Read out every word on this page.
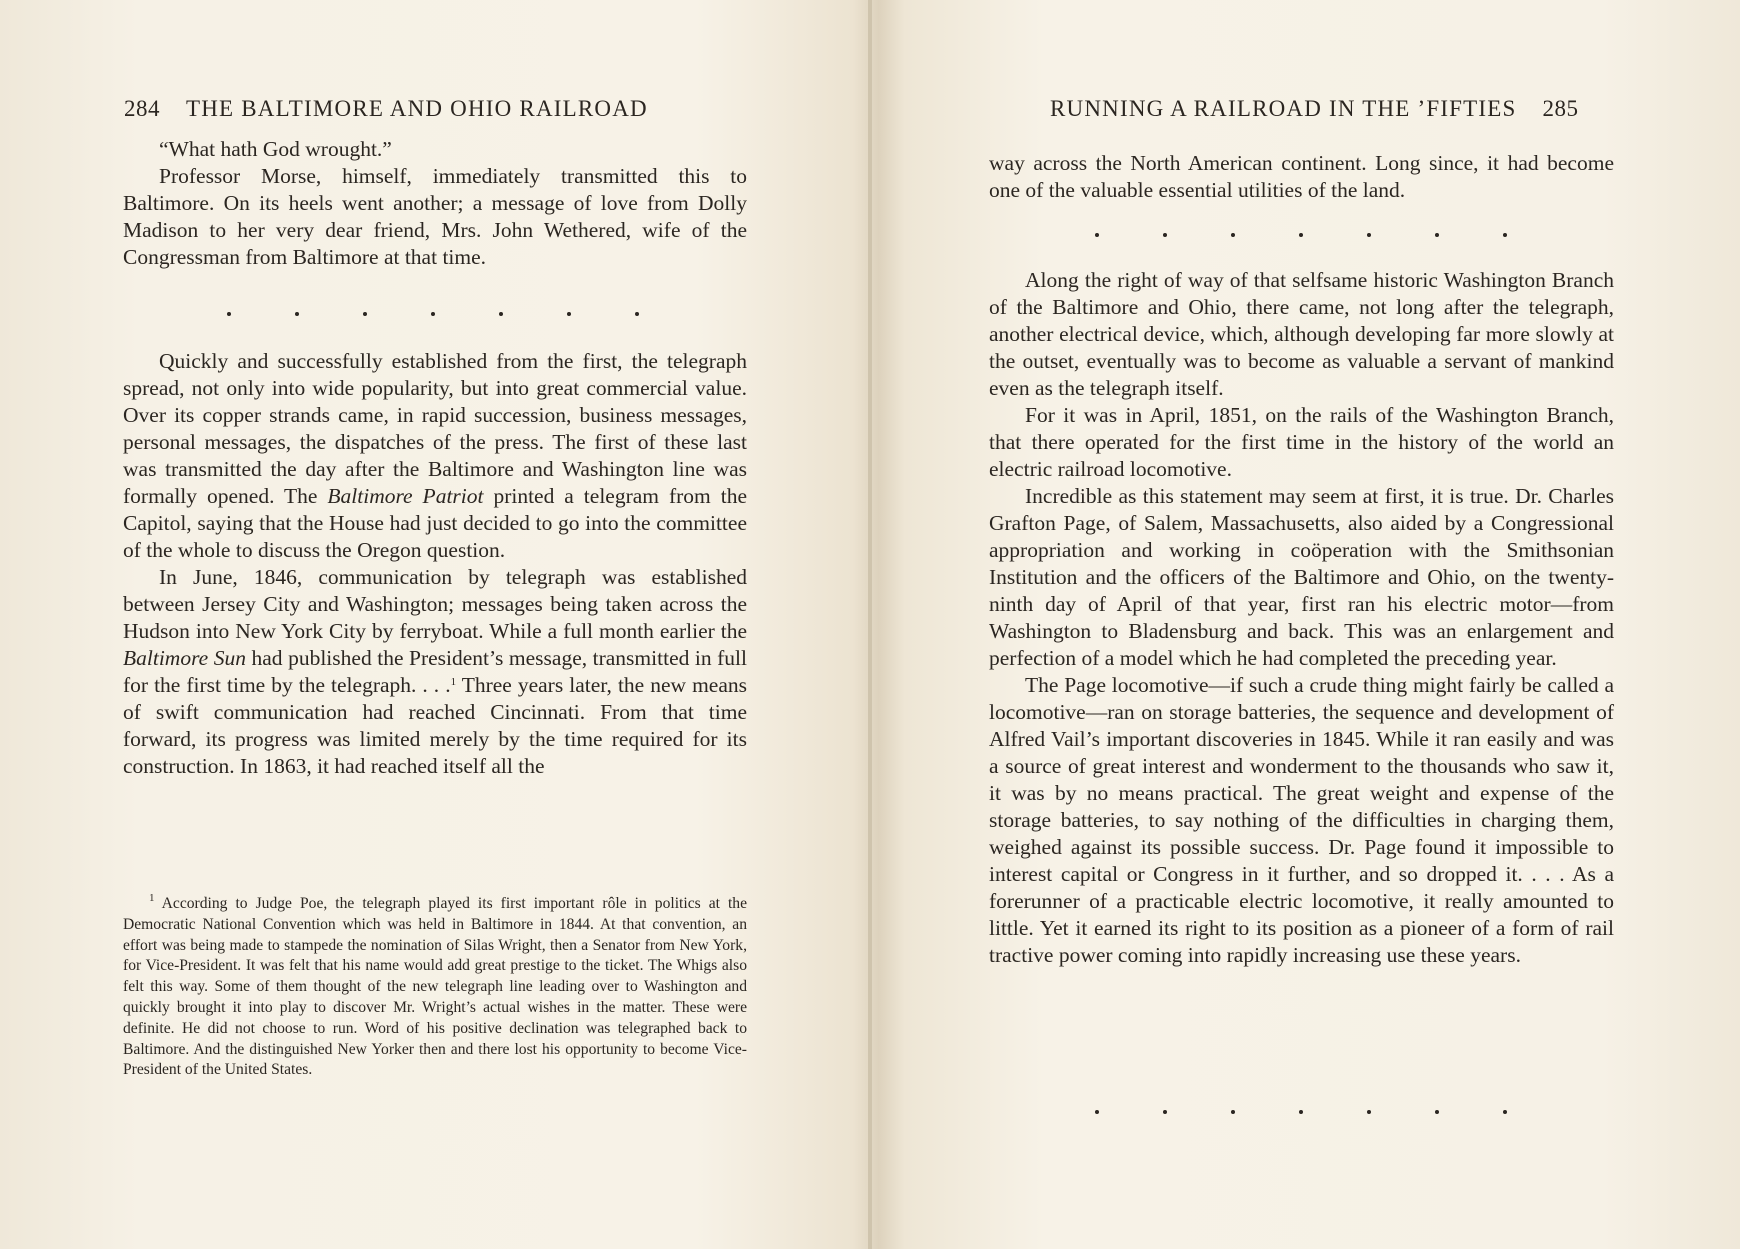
284 THE BALTIMORE AND OHIO RAILROAD

“What hath God wrought.”

Professor Morse, himself, immediately transmitted this to Baltimore. On its heels went another; a message of love from Dolly Madison to her very dear friend, Mrs. John Wethered, wife of the Congressman from Baltimore at that time.

Quickly and successfully established from the first, the telegraph spread, not only into wide popularity, but into great commercial value. Over its copper strands came, in rapid succession, business messages, personal messages, the dispatches of the press. The first of these last was transmitted the day after the Baltimore and Washington line was formally opened. The Baltimore Patriot printed a telegram from the Capitol, saying that the House had just decided to go into the committee of the whole to discuss the Oregon question.

In June, 1846, communication by telegraph was established between Jersey City and Washington; messages being taken across the Hudson into New York City by ferryboat. While a full month earlier the Baltimore Sun had published the President’s message, transmitted in full for the first time by the telegraph. . . .$^1$ Three years later, the new means of swift communication had reached Cincinnati. From that time forward, its progress was limited merely by the time required for its construction. In 1863, it had reached itself all the

$^1$ According to Judge Poe, the telegraph played its first important rôle in politics at the Democratic National Convention which was held in Baltimore in 1844. At that convention, an effort was being made to stampede the nomination of Silas Wright, then a Senator from New York, for Vice-President. It was felt that his name would add great prestige to the ticket. The Whigs also felt this way. Some of them thought of the new telegraph line leading over to Washington and quickly brought it into play to discover Mr. Wright’s actual wishes in the matter. These were definite. He did not choose to run. Word of his positive declination was telegraphed back to Baltimore. And the distinguished New Yorker then and there lost his opportunity to become Vice-President of the United States.

RUNNING A RAILROAD IN THE ’FIFTIES 285

way across the North American continent. Long since, it had become one of the valuable essential utilities of the land.

Along the right of way of that selfsame historic Washington Branch of the Baltimore and Ohio, there came, not long after the telegraph, another electrical device, which, although developing far more slowly at the outset, eventually was to become as valuable a servant of mankind even as the telegraph itself.

For it was in April, 1851, on the rails of the Washington Branch, that there operated for the first time in the history of the world an electric railroad locomotive.

Incredible as this statement may seem at first, it is true. Dr. Charles Grafton Page, of Salem, Massachusetts, also aided by a Congressional appropriation and working in coöperation with the Smithsonian Institution and the officers of the Baltimore and Ohio, on the twenty-ninth day of April of that year, first ran his electric motor—from Washington to Bladensburg and back. This was an enlargement and perfection of a model which he had completed the preceding year.

The Page locomotive—if such a crude thing might fairly be called a locomotive—ran on storage batteries, the sequence and development of Alfred Vail’s important discoveries in 1845. While it ran easily and was a source of great interest and wonderment to the thousands who saw it, it was by no means practical. The great weight and expense of the storage batteries, to say nothing of the difficulties in charging them, weighed against its possible success. Dr. Page found it impossible to interest capital or Congress in it further, and so dropped it. . . . As a forerunner of a practicable electric locomotive, it really amounted to little. Yet it earned its right to its position as a pioneer of a form of rail tractive power coming into rapidly increasing use these years.
